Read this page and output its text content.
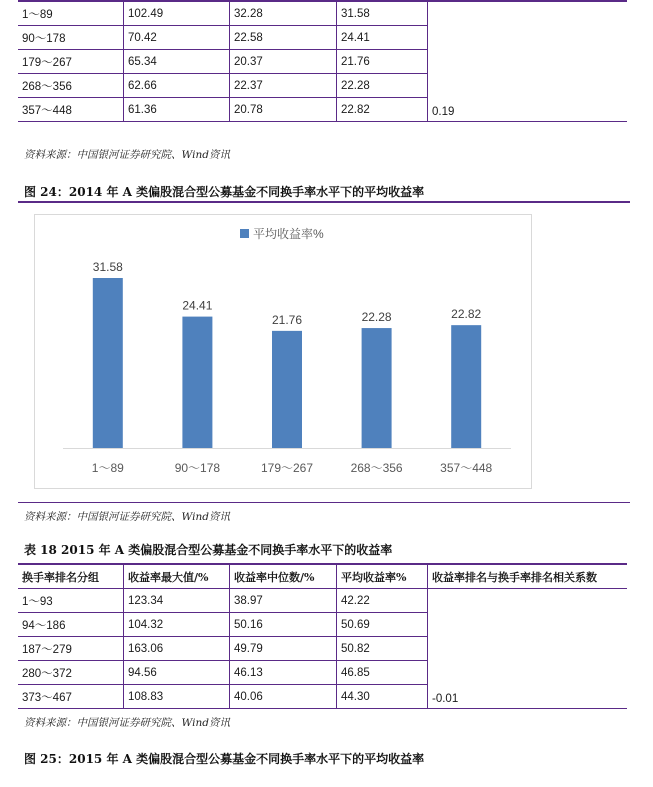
1～89	102.49	32.28	31.58	0.19
90～178	70.42	22.58	24.41	
179～267	65.34	20.37	21.76	
268～356	62.66	22.37	22.28	
357～448	61.36	20.78	22.82	
资料来源：中国银河证券研究院、Wind资讯
图 24：2014 年 A 类偏股混合型公募基金不同换手率水平下的平均收益率
平均收益率%
31.58
1～89
24.41
90～178
21.76
179～267
22.28
268～356
22.82
357～448
资料来源：中国银河证券研究院、Wind资讯
表 18 2015 年 A 类偏股混合型公募基金不同换手率水平下的收益率
换手率排名分组	收益率最大值/%	收益率中位数/%	平均收益率%	收益率排名与换手率排名相关系数
1～93	123.34	38.97	42.22	-0.01
94～186	104.32	50.16	50.69	
187～279	163.06	49.79	50.82	
280～372	94.56	46.13	46.85	
373～467	108.83	40.06	44.30	
资料来源：中国银河证券研究院、Wind资讯
图 25：2015 年 A 类偏股混合型公募基金不同换手率水平下的平均收益率
